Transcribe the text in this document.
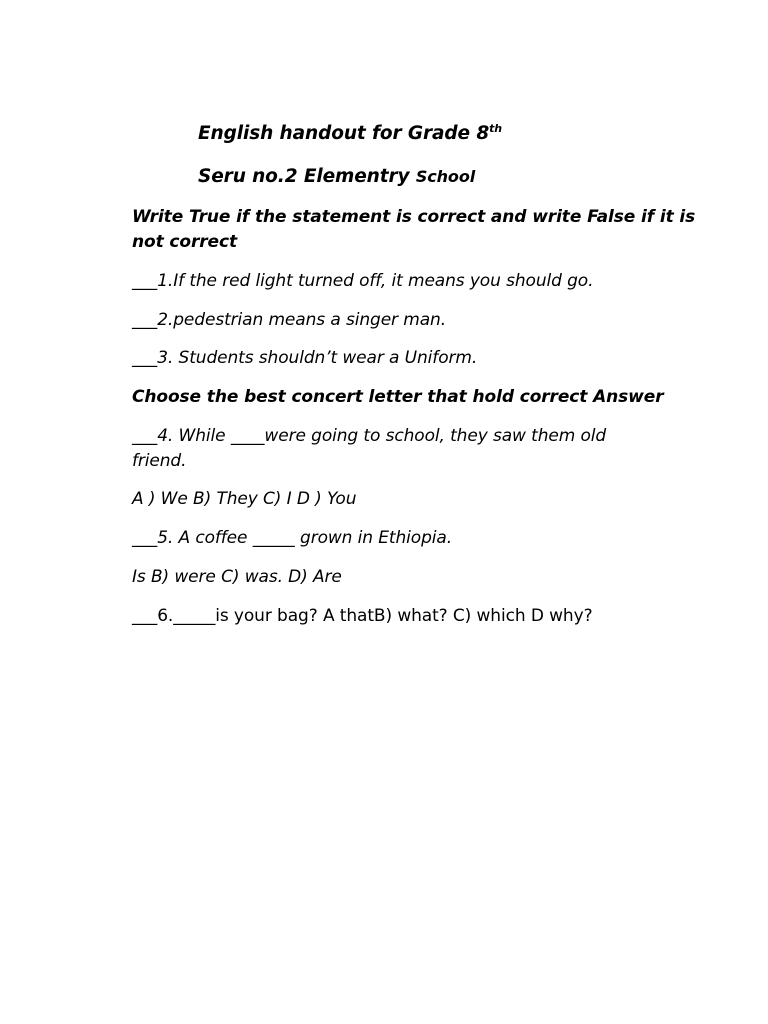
English handout for Grade 8th
Seru no.2 Elementry School
Write True if the statement is correct and write False if it is
not correct
___1.If the red light turned off, it means you should go.
___2.pedestrian means a singer man.
___3. Students shouldn’t wear a Uniform.
Choose the best concert letter that hold correct Answer
___4. While ____were going to school, they saw them old
friend.
A ) We B) They C) I D ) You
___5. A coffee _____ grown in Ethiopia.
Is B) were C) was. D) Are
___6._____is your bag? A thatB) what? C) which D why?
